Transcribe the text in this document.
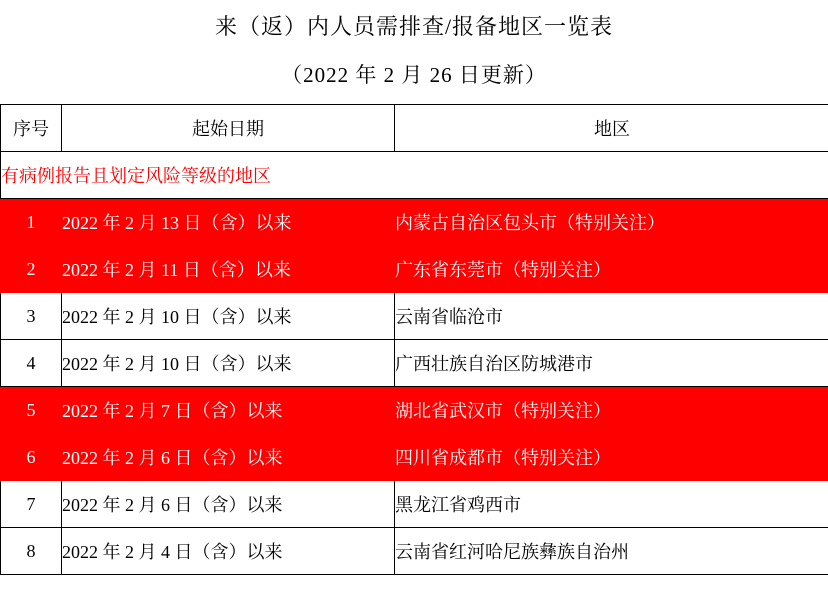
来（返）内人员需排查/报备地区一览表
（2022 年 2 月 26 日更新）
序号	起始日期	地区
有病例报告且划定风险等级的地区		
1	2022 年 2 月 13 日（含）以来	内蒙古自治区包头市（特别关注）
2	2022 年 2 月 11 日（含）以来	广东省东莞市（特别关注）
3	2022 年 2 月 10 日（含）以来	云南省临沧市
4	2022 年 2 月 10 日（含）以来	广西壮族自治区防城港市
5	2022 年 2 月 7 日（含）以来	湖北省武汉市（特别关注）
6	2022 年 2 月 6 日（含）以来	四川省成都市（特别关注）
7	2022 年 2 月 6 日（含）以来	黑龙江省鸡西市
8	2022 年 2 月 4 日（含）以来	云南省红河哈尼族彝族自治州
